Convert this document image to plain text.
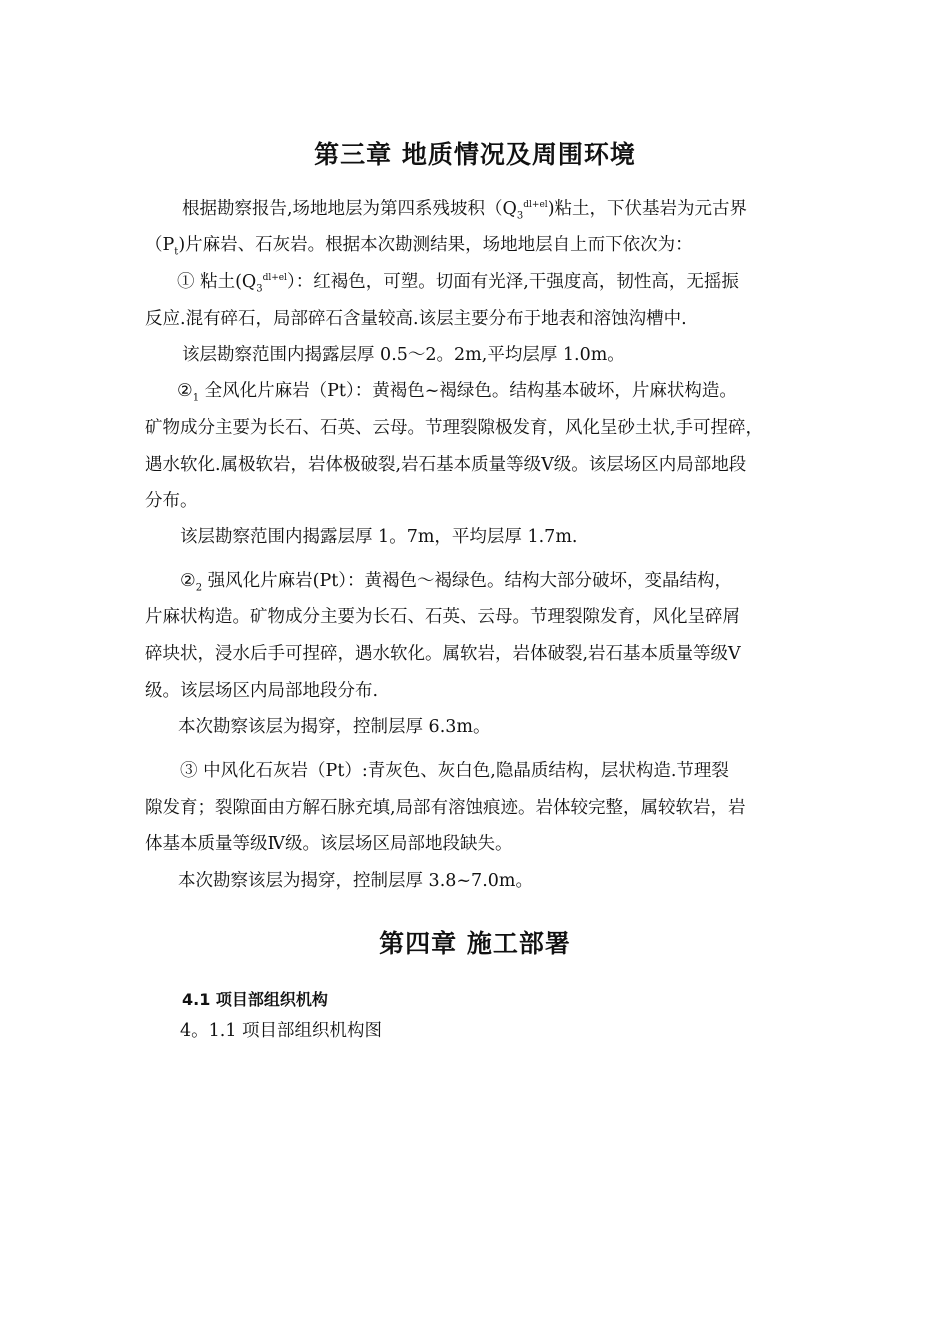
第三章 地质情况及周围环境
根据勘察报告,场地地层为第四系残坡积$(Q_3^{dl+el})$粘土，下伏基岩为元古界
$(P_t)$片麻岩、石灰岩。根据本次勘测结果，场地地层自上而下依次为：
① 粘土$(Q_3^{dl+el})$：红褐色，可塑。切面有光泽,干强度高，韧性高，无摇振
反应.混有碎石，局部碎石含量较高.该层主要分布于地表和溶蚀沟槽中.
该层勘察范围内揭露层厚 0.5～2。2m,平均层厚 1.0m。
$②_1$ 全风化片麻岩（Pt）：黄褐色~褐绿色。结构基本破坏，片麻状构造。
矿物成分主要为长石、石英、云母。节理裂隙极发育，风化呈砂土状,手可捏碎，
遇水软化.属极软岩，岩体极破裂,岩石基本质量等级Ⅴ级。该层场区内局部地段
分布。
该层勘察范围内揭露层厚 1。7m，平均层厚 1.7m.
$②_2$ 强风化片麻岩(Pt）：黄褐色～褐绿色。结构大部分破坏，变晶结构，
片麻状构造。矿物成分主要为长石、石英、云母。节理裂隙发育，风化呈碎屑
碎块状，浸水后手可捏碎，遇水软化。属软岩，岩体破裂,岩石基本质量等级Ⅴ
级。该层场区内局部地段分布.
本次勘察该层为揭穿，控制层厚 6.3m。
③ 中风化石灰岩（Pt）:青灰色、灰白色,隐晶质结构，层状构造.节理裂
隙发育；裂隙面由方解石脉充填,局部有溶蚀痕迹。岩体较完整，属较软岩，岩
体基本质量等级Ⅳ级。该层场区局部地段缺失。
本次勘察该层为揭穿，控制层厚 3.8~7.0m。
第四章 施工部署
4.1 项目部组织机构
4。1.1 项目部组织机构图
